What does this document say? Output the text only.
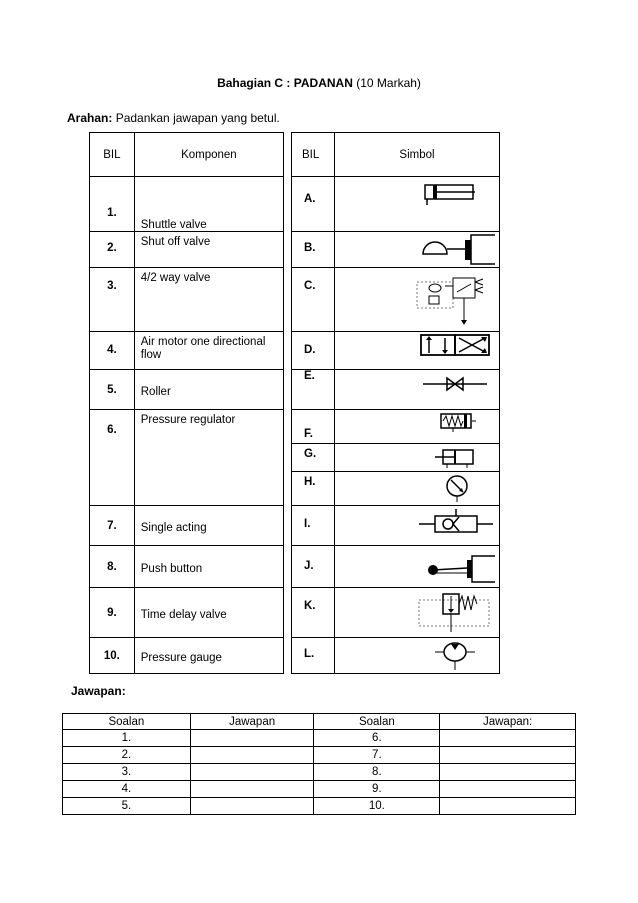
Bahagian C : PADANAN (10 Markah)
Arahan: Padankan jawapan yang betul.
BIL	Komponen
1.	Shuttle valve
2.	Shut off valve
3.	4/2 way valve
4.	Air motor one directional flow
5.	Roller
6.	Pressure regulator
7.	Single acting
8.	Push button
9.	Time delay valve
10.	Pressure gauge
BIL	Simbol
A.	

B.	

C.	

D.	

E.	

F.	

G.	

H.	

I.	

J.	

K.	

L.	
Jawapan:
Soalan	Jawapan	Soalan	Jawapan:
1.		6.	
2.		7.	
3.		8.	
4.		9.	
5.		10.	
